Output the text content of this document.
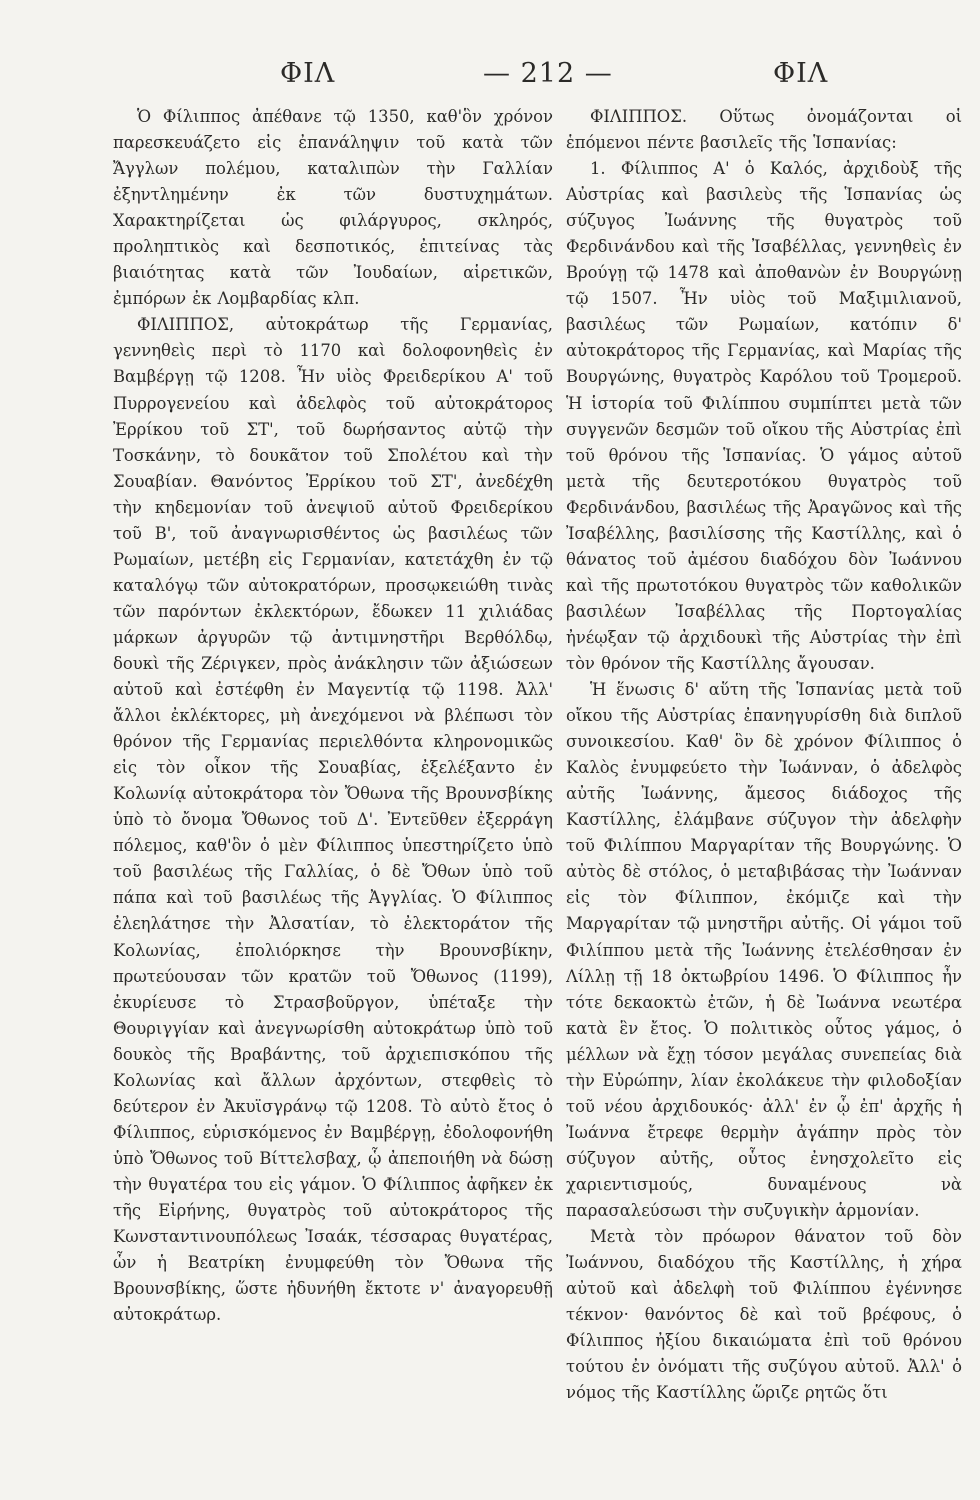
ΦΙΛ	— 212 —	ΦΙΛ

Ὁ Φίλιππος ἀπέθανε τῷ 1350, καθ'ὃν χρόνον παρεσκευάζετο εἰς ἐπανάληψιν τοῦ κατὰ τῶν Ἄγγλων πολέμου, καταλιπὼν τὴν Γαλλίαν ἐξηντλημένην ἐκ τῶν δυστυχημάτων. Χαρακτηρίζεται ὡς φιλάργυρος, σκληρός, προληπτικὸς καὶ δεσποτικός, ἐπιτείνας τὰς βιαιότητας κατὰ τῶν Ἰουδαίων, αἱρετικῶν, ἐμπόρων ἐκ Λομβαρδίας κλπ.

ΦΙΛΙΠΠΟΣ, αὐτοκράτωρ τῆς Γερμανίας, γεννηθεὶς περὶ τὸ 1170 καὶ δολοφονηθεὶς ἐν Βαμβέργῃ τῷ 1208. Ἦν υἱὸς Φρειδερίκου Α' τοῦ Πυρρογενείου καὶ ἀδελφὸς τοῦ αὐτοκράτορος Ἐρρίκου τοῦ ΣΤ', τοῦ δωρήσαντος αὐτῷ τὴν Τοσκάνην, τὸ δουκᾶτον τοῦ Σπολέτου καὶ τὴν Σουαβίαν. Θανόντος Ἐρρίκου τοῦ ΣΤ', ἀνεδέχθη τὴν κηδεμονίαν τοῦ ἀνεψιοῦ αὐτοῦ Φρειδερίκου τοῦ Β', τοῦ ἀναγνωρισθέντος ὡς βασιλέως τῶν Ρωμαίων, μετέβη εἰς Γερμανίαν, κατετάχθη ἐν τῷ καταλόγῳ τῶν αὐτοκρατόρων, προσῳκειώθη τινὰς τῶν παρόντων ἐκλεκτόρων, ἔδωκεν 11 χιλιάδας μάρκων ἀργυρῶν τῷ ἀντιμνηστῆρι Βερθόλδῳ, δουκὶ τῆς Ζέριγκεν, πρὸς ἀνάκλησιν τῶν ἀξιώσεων αὐτοῦ καὶ ἐστέφθη ἐν Μαγεντίᾳ τῷ 1198. Ἀλλ' ἄλλοι ἐκλέκτορες, μὴ ἀνεχόμενοι νὰ βλέπωσι τὸν θρόνον τῆς Γερμανίας περιελθόντα κληρονομικῶς εἰς τὸν οἶκον τῆς Σουαβίας, ἐξελέξαντο ἐν Κολωνίᾳ αὐτοκράτορα τὸν Ὄθωνα τῆς Βρουνσβίκης ὑπὸ τὸ ὄνομα Ὄθωνος τοῦ Δ'. Ἐντεῦθεν ἐξερράγη πόλεμος, καθ'ὃν ὁ μὲν Φίλιππος ὑπεστηρίζετο ὑπὸ τοῦ βασιλέως τῆς Γαλλίας, ὁ δὲ Ὄθων ὑπὸ τοῦ πάπα καὶ τοῦ βασιλέως τῆς Ἀγγλίας. Ὁ Φίλιππος ἐλεηλάτησε τὴν Ἀλσατίαν, τὸ ἐλεκτοράτον τῆς Κολωνίας, ἐπολιόρκησε τὴν Βρουνσβίκην, πρωτεύουσαν τῶν κρατῶν τοῦ Ὄθωνος (1199), ἐκυρίευσε τὸ Στρασβοῦργον, ὑπέταξε τὴν Θουριγγίαν καὶ ἀνεγνωρίσθη αὐτοκράτωρ ὑπὸ τοῦ δουκὸς τῆς Βραβάντης, τοῦ ἀρχιεπισκόπου τῆς Κολωνίας καὶ ἄλλων ἀρχόντων, στεφθεὶς τὸ δεύτερον ἐν Ἀκυϊσγράνῳ τῷ 1208. Τὸ αὐτὸ ἔτος ὁ Φίλιππος, εὑρισκόμενος ἐν Βαμβέργῃ, ἐδολοφονήθη ὑπὸ Ὄθωνος τοῦ Βίττελσβαχ, ᾧ ἀπεποιήθη νὰ δώσῃ τὴν θυγατέρα του εἰς γάμον. Ὁ Φίλιππος ἀφῆκεν ἐκ τῆς Εἰρήνης, θυγατρὸς τοῦ αὐτοκράτορος τῆς Κωνσταντινουπόλεως Ἰσαάκ, τέσσαρας θυγατέρας, ὧν ἡ Βεατρίκη ἐνυμφεύθη τὸν Ὄθωνα τῆς Βρουνσβίκης, ὥστε ἠδυνήθη ἔκτοτε ν' ἀναγορευθῇ αὐτοκράτωρ.

ΦΙΛΙΠΠΟΣ. Οὕτως ὀνομάζονται οἱ ἑπόμενοι πέντε βασιλεῖς τῆς Ἱσπανίας:

1. Φίλιππος Α' ὁ Καλός, ἀρχιδοὺξ τῆς Αὐστρίας καὶ βασιλεὺς τῆς Ἱσπανίας ὡς σύζυγος Ἰωάννης τῆς θυγατρὸς τοῦ Φερδινάνδου καὶ τῆς Ἰσαβέλλας, γεννηθεὶς ἐν Βρούγῃ τῷ 1478 καὶ ἀποθανὼν ἐν Βουργώνῃ τῷ 1507. Ἦν υἱὸς τοῦ Μαξιμιλιανοῦ, βασιλέως τῶν Ρωμαίων, κατόπιν δ' αὐτοκράτορος τῆς Γερμανίας, καὶ Μαρίας τῆς Βουργώνης, θυγατρὸς Καρόλου τοῦ Τρομεροῦ. Ἡ ἱστορία τοῦ Φιλίππου συμπίπτει μετὰ τῶν συγγενῶν δεσμῶν τοῦ οἴκου τῆς Αὐστρίας ἐπὶ τοῦ θρόνου τῆς Ἱσπανίας. Ὁ γάμος αὐτοῦ μετὰ τῆς δευτεροτόκου θυγατρὸς τοῦ Φερδινάνδου, βασιλέως τῆς Ἀραγῶνος καὶ τῆς Ἰσαβέλλης, βασιλίσσης τῆς Καστίλλης, καὶ ὁ θάνατος τοῦ ἀμέσου διαδόχου δὸν Ἰωάννου καὶ τῆς πρωτοτόκου θυγατρὸς τῶν καθολικῶν βασιλέων Ἰσαβέλλας τῆς Πορτογαλίας ἠνέῳξαν τῷ ἀρχιδουκὶ τῆς Αὐστρίας τὴν ἐπὶ τὸν θρόνον τῆς Καστίλλης ἄγουσαν.

Ἡ ἕνωσις δ' αὕτη τῆς Ἱσπανίας μετὰ τοῦ οἴκου τῆς Αὐστρίας ἐπανηγυρίσθη διὰ διπλοῦ συνοικεσίου. Καθ' ὃν δὲ χρόνον Φίλιππος ὁ Καλὸς ἐνυμφεύετο τὴν Ἰωάνναν, ὁ ἀδελφὸς αὐτῆς Ἰωάννης, ἄμεσος διάδοχος τῆς Καστίλλης, ἐλάμβανε σύζυγον τὴν ἀδελφὴν τοῦ Φιλίππου Μαργαρίταν τῆς Βουργώνης. Ὁ αὐτὸς δὲ στόλος, ὁ μεταβιβάσας τὴν Ἰωάνναν εἰς τὸν Φίλιππον, ἐκόμιζε καὶ τὴν Μαργαρίταν τῷ μνηστῆρι αὐτῆς. Οἱ γάμοι τοῦ Φιλίππου μετὰ τῆς Ἰωάννης ἐτελέσθησαν ἐν Λίλλῃ τῇ 18 ὀκτωβρίου 1496. Ὁ Φίλιππος ἦν τότε δεκαοκτὼ ἐτῶν, ἡ δὲ Ἰωάννα νεωτέρα κατὰ ἓν ἔτος. Ὁ πολιτικὸς οὗτος γάμος, ὁ μέλλων νὰ ἔχῃ τόσον μεγάλας συνεπείας διὰ τὴν Εὐρώπην, λίαν ἐκολάκευε τὴν φιλοδοξίαν τοῦ νέου ἀρχιδουκός· ἀλλ' ἐν ᾧ ἐπ' ἀρχῆς ἡ Ἰωάννα ἔτρεφε θερμὴν ἀγάπην πρὸς τὸν σύζυγον αὐτῆς, οὗτος ἐνησχολεῖτο εἰς χαριεντισμούς, δυναμένους νὰ παρασαλεύσωσι τὴν συζυγικὴν ἁρμονίαν.

Μετὰ τὸν πρόωρον θάνατον τοῦ δὸν Ἰωάννου, διαδόχου τῆς Καστίλλης, ἡ χήρα αὐτοῦ καὶ ἀδελφὴ τοῦ Φιλίππου ἐγέννησε τέκνον· θανόντος δὲ καὶ τοῦ βρέφους, ὁ Φίλιππος ἠξίου δικαιώματα ἐπὶ τοῦ θρόνου τούτου ἐν ὀνόματι τῆς συζύγου αὐτοῦ. Ἀλλ' ὁ νόμος τῆς Καστίλλης ὥριζε ρητῶς ὅτι
